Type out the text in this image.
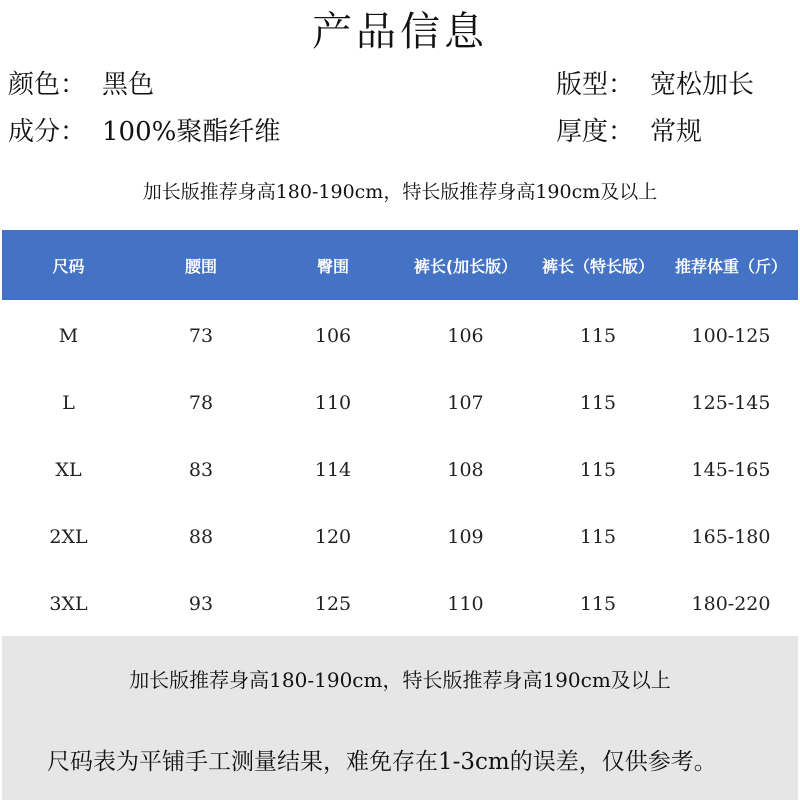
产品信息
颜色： 黑色	版型： 宽松加长
成分： 100%聚酯纤维	厚度： 常规
加长版推荐身高180-190cm，特长版推荐身高190cm及以上
尺码	腰围	臀围	裤长(加长版）	裤长（特长版）	推荐体重（斤）
M	73	106	106	115	100-125
L	78	110	107	115	125-145
XL	83	114	108	115	145-165
2XL	88	120	109	115	165-180
3XL	93	125	110	115	180-220
加长版推荐身高180-190cm，特长版推荐身高190cm及以上
尺码表为平铺手工测量结果，难免存在1-3cm的误差，仅供参考。
